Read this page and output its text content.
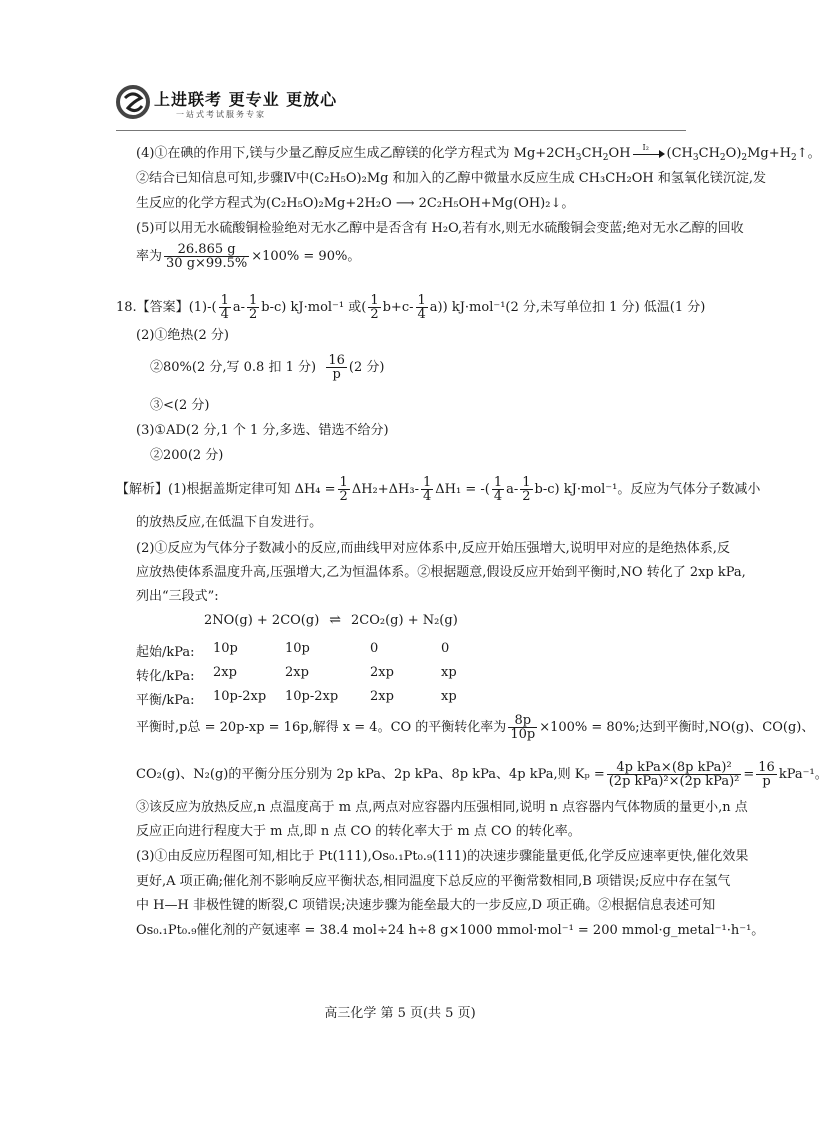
上进联考 更专业 更放心
一站式考试服务专家
(4)①在碘的作用下,镁与少量乙醇反应生成乙醇镁的化学方程式为 $Mg+2CH_3CH_2OH$ I₂ $(CH_3CH_2O)_2Mg+H_2↑$。
②结合已知信息可知,步骤Ⅳ中(C₂H₅O)₂Mg 和加入的乙醇中微量水反应生成 CH₃CH₂OH 和氢氧化镁沉淀,发
生反应的化学方程式为(C₂H₅O)₂Mg+2H₂O ⟶ 2C₂H₅OH+Mg(OH)₂↓。
(5)可以用无水硫酸铜检验绝对无水乙醇中是否含有 H₂O,若有水,则无水硫酸铜会变蓝;绝对无水乙醇的回收
率为 $\frac{26.865 g}{30 g\times 99.5\%} \times 100\% = 90\%$。
18.【答案】$(1)-( \frac{1}{4} a- \frac{1}{2} b-c)$ kJ·mol⁻¹ 或( $\frac{1}{2} b+c- \frac{1}{4} a$)) kJ·mol⁻¹(2 分,未写单位扣 1 分) 低温(1 分)
(2)①绝热(2 分)
②80%(2 分,写 0.8 扣 1 分) $\frac{16}{p} (2$ 分)
③<(2 分)
(3)①AD(2 分,1 个 1 分,多选、错选不给分)
②200(2 分)
【解析】(1)根据盖斯定律可知 $\Delta H_4 = \frac{1}{2} \Delta H_2+\Delta H_3- \frac{1}{4} \Delta H_1$ = -( $\frac{1}{4} a- \frac{1}{2} b-c$) kJ·mol⁻¹。反应为气体分子数减小
的放热反应,在低温下自发进行。
(2)①反应为气体分子数减小的反应,而曲线甲对应体系中,反应开始压强增大,说明甲对应的是绝热体系,反
应放热使体系温度升高,压强增大,乙为恒温体系。②根据题意,假设反应开始到平衡时,NO 转化了 2xp kPa,
列出“三段式”:
2NO(g) + 2CO(g) ⇌ 2CO₂(g) + N₂(g)
起始/kPa: 10p	10p	0	0
转化/kPa: 2xp	2xp	2xp	xp
平衡/kPa: 10p-2xp 10p-2xp 2xp	xp
平衡时,p总 = 20p-xp = 16p,解得 x = 4。CO 的平衡转化率为 $\frac{8p}{10p} \times 100\% = 80\%$;达到平衡时,NO(g)、CO(g)、
CO₂(g)、N₂(g)的平衡分压分别为 2p kPa、2p kPa、8p kPa、4p kPa,则 $K_p = \frac{\text{4p kPa×(8p kPa)²}}{\text{(2p kPa)²×(2p kPa)²}} = \frac{16}{p} kPa^{-1}$。
③该反应为放热反应,n 点温度高于 m 点,两点对应容器内压强相同,说明 n 点容器内气体物质的量更小,n 点
反应正向进行程度大于 m 点,即 n 点 CO 的转化率大于 m 点 CO 的转化率。
(3)①由反应历程图可知,相比于 Pt(111),Os₀.₁Pt₀.₉(111)的决速步骤能量更低,化学反应速率更快,催化效果
更好,A 项正确;催化剂不影响反应平衡状态,相同温度下总反应的平衡常数相同,B 项错误;反应中存在氢气
中 H—H 非极性键的断裂,C 项错误;决速步骤为能垒最大的一步反应,D 项正确。②根据信息表述可知
Os₀.₁Pt₀.₉催化剂的产氨速率 = 38.4 mol÷24 h÷8 g×1000 mmol·mol⁻¹ = 200 mmol·g_metal⁻¹·h⁻¹。
高三化学 第 5 页(共 5 页)
